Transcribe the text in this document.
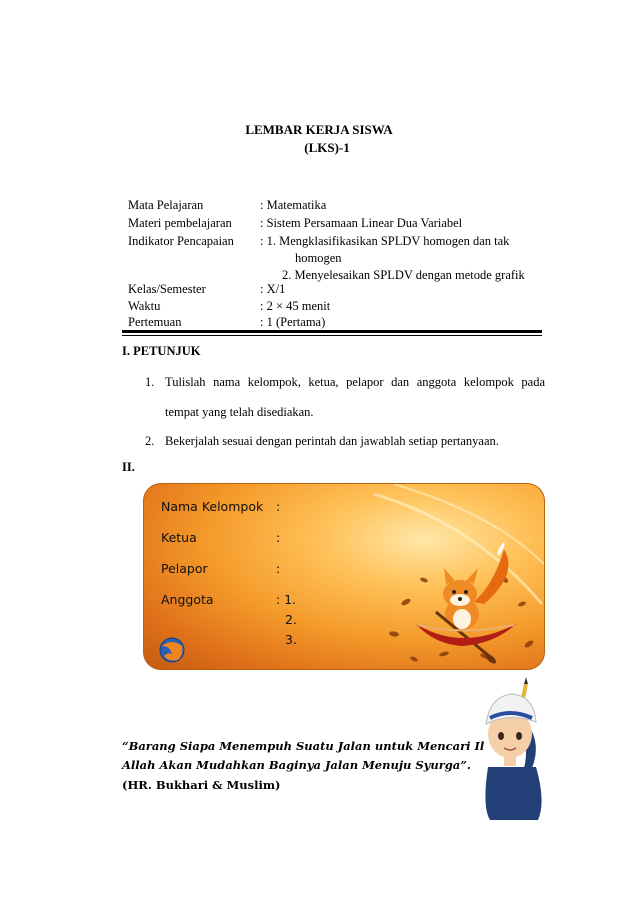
LEMBAR KERJA SISWA
(LKS)-1
Mata Pelajaran	: Matematika
Materi pembelajaran : Sistem Persamaan Linear Dua Variabel
Indikator Pencapaian : 1. Mengklasifikasikan SPLDV homogen dan tak
homogen
2. Menyelesaikan SPLDV dengan metode grafik
Kelas/Semester	: X/1
Waktu	: 2 × 45 menit
Pertemuan	: 1 (Pertama)
I. PETUNJUK
1. Tulislah nama kelompok, ketua, pelapor dan anggota kelompok pada
tempat yang telah disediakan.
2. Bekerjalah sesuai dengan perintah dan jawablah setiap pertanyaan.
II.
Nama Kelompok :
Ketua	:
Pelapor	:
Anggota	: 1.
2.
3.
“Barang Siapa Menempuh Suatu Jalan untuk Mencari Il
Allah Akan Mudahkan Baginya Jalan Menuju Syurga”.
(HR. Bukhari & Muslim)
